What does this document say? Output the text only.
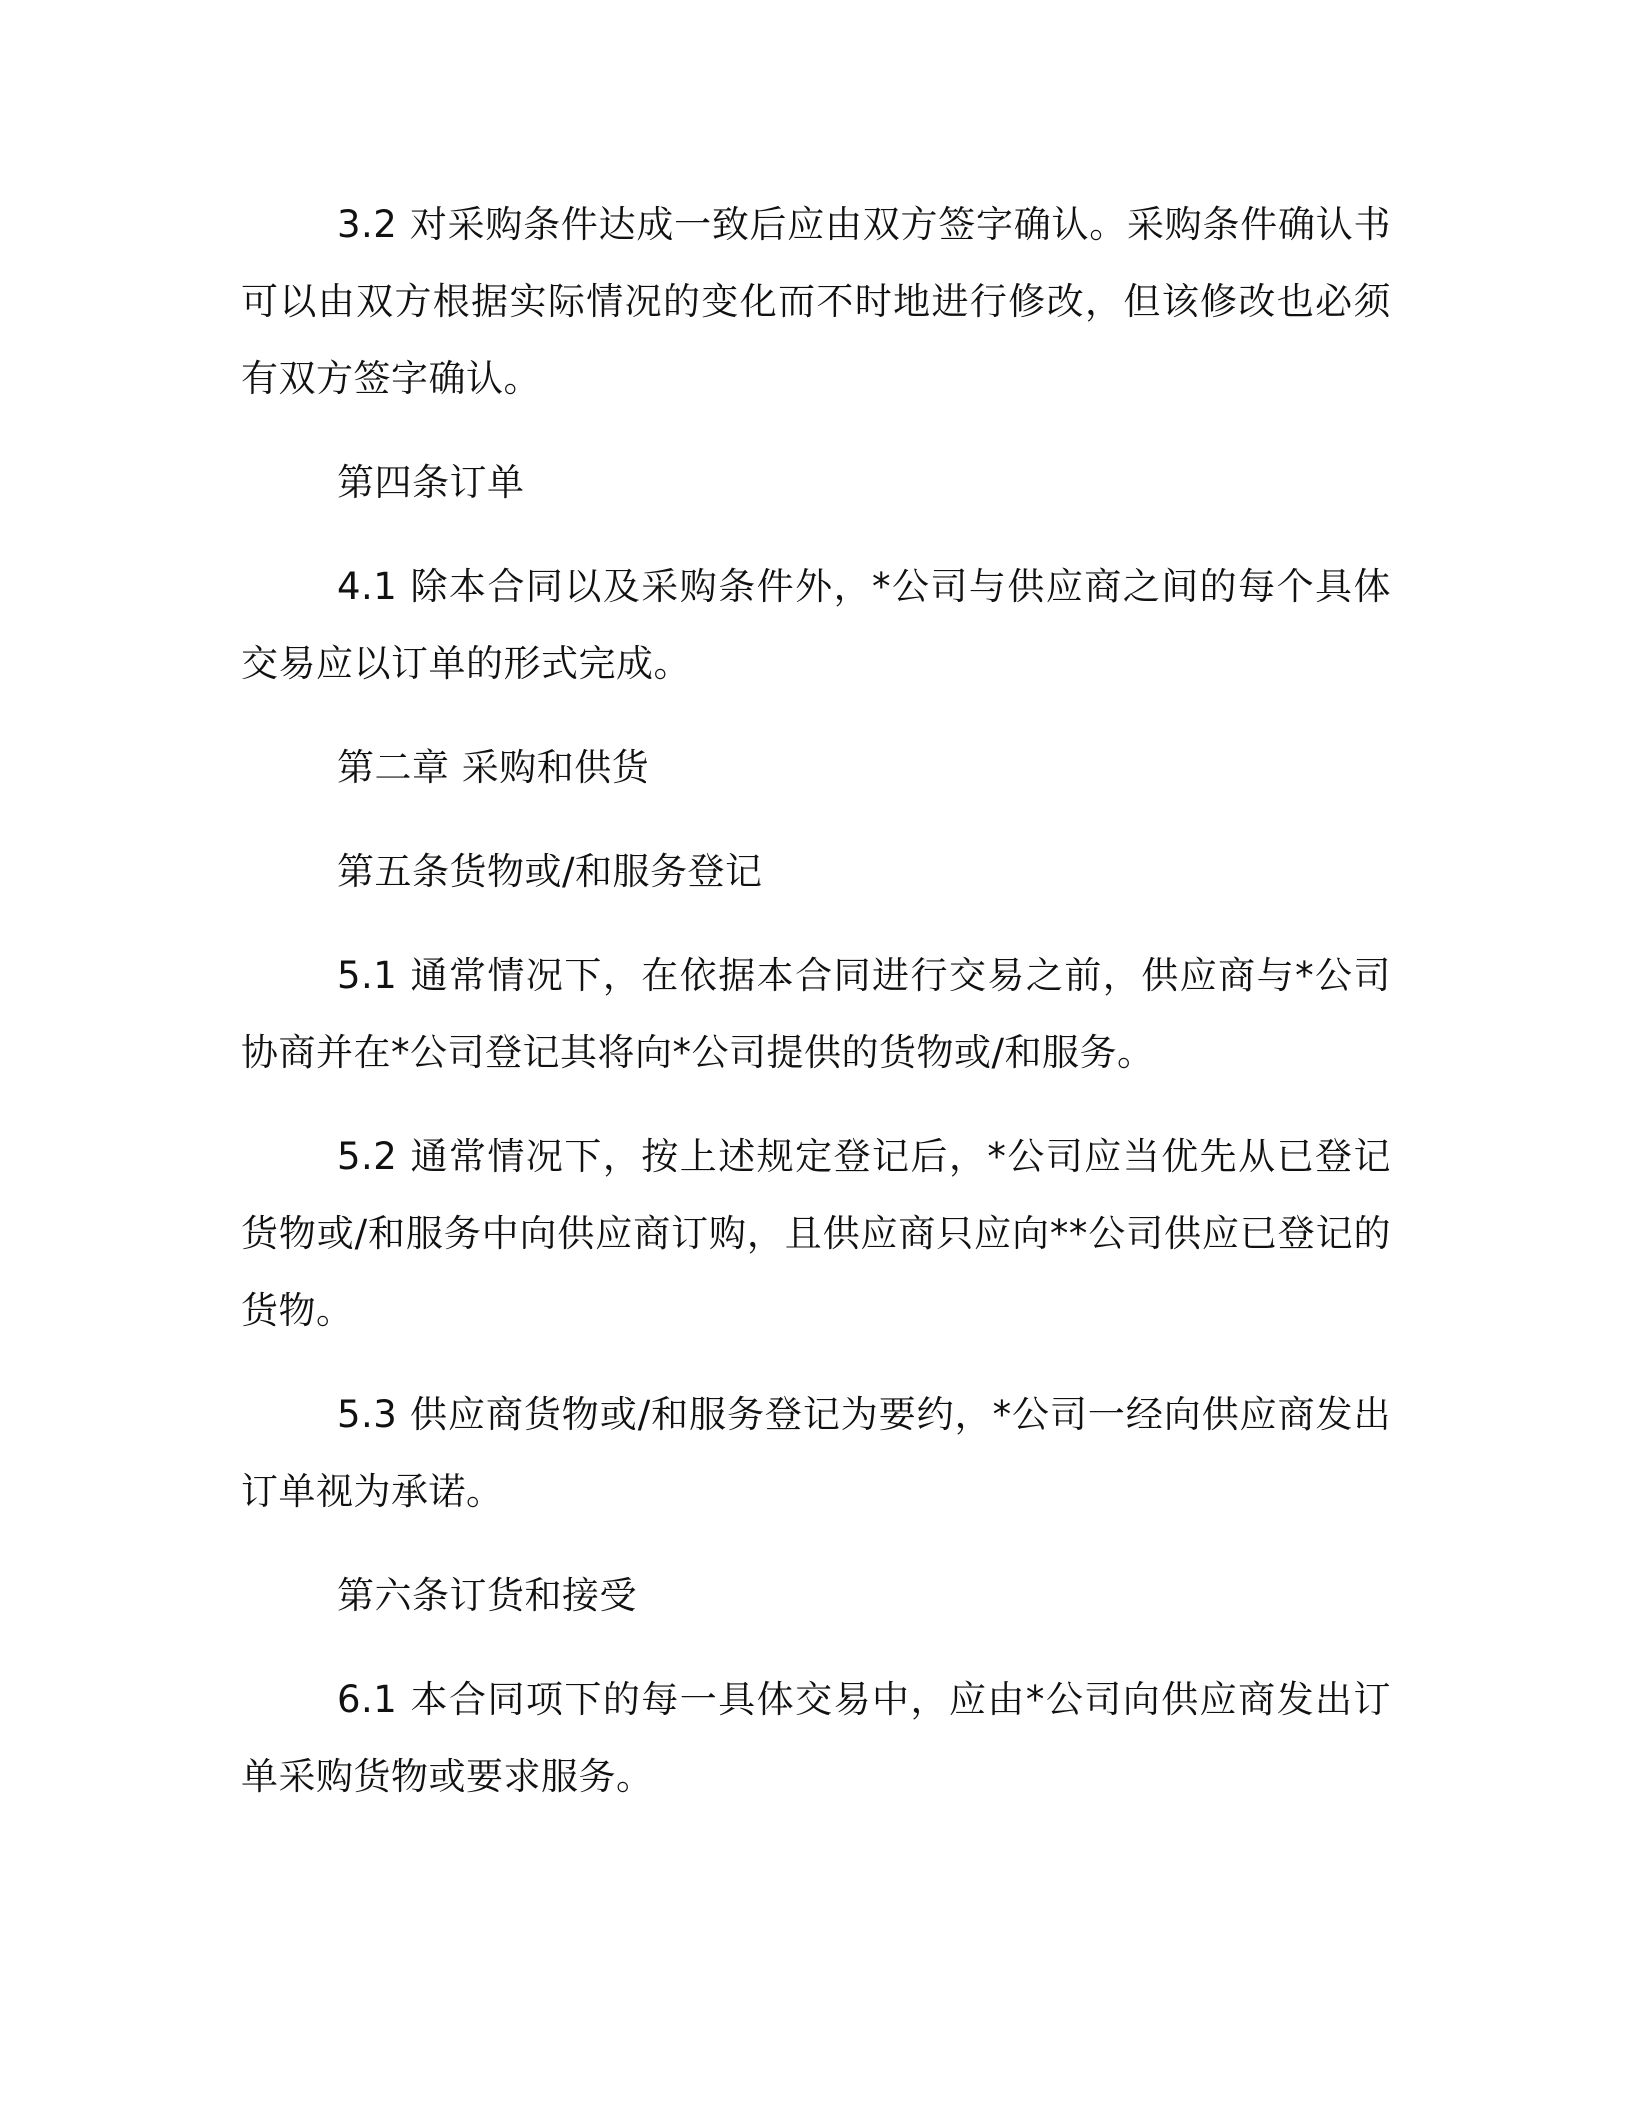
3.2 对采购条件达成一致后应由双方签字确认。采购条件确认书可以由双方根据实际情况的变化而不时地进行修改，但该修改也必须有双方签字确认。

第四条订单

4.1 除本合同以及采购条件外，*公司与供应商之间的每个具体交易应以订单的形式完成。

第二章 采购和供货

第五条货物或/和服务登记

5.1 通常情况下，在依据本合同进行交易之前，供应商与*公司协商并在*公司登记其将向*公司提供的货物或/和服务。

5.2 通常情况下，按上述规定登记后，*公司应当优先从已登记货物或/和服务中向供应商订购，且供应商只应向**公司供应已登记的货物。

5.3 供应商货物或/和服务登记为要约，*公司一经向供应商发出订单视为承诺。

第六条订货和接受

6.1 本合同项下的每一具体交易中，应由*公司向供应商发出订单采购货物或要求服务。
